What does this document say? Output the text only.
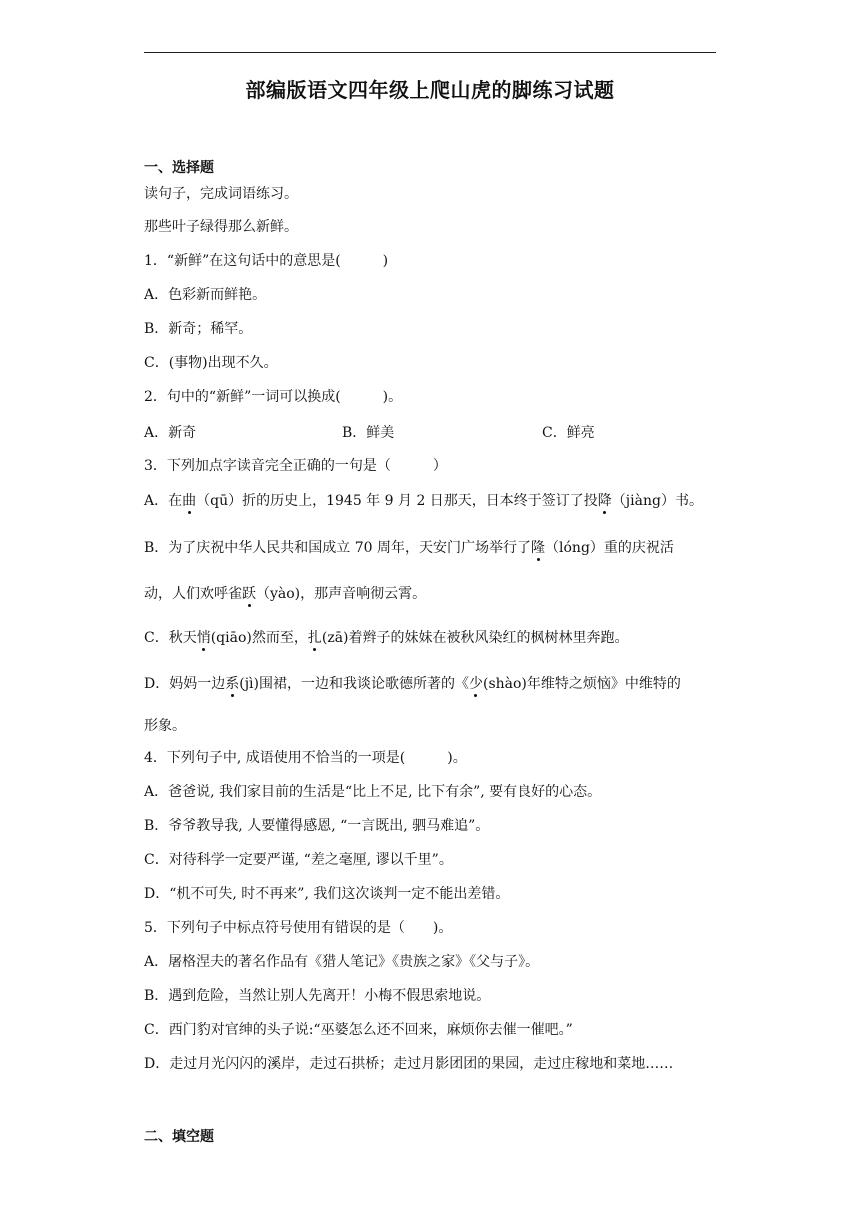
部编版语文四年级上爬山虎的脚练习试题
一、选择题
读句子，完成词语练习。
那些叶子绿得那么新鲜。
1．“新鲜”在这句话中的意思是(　　　)
A．色彩新而鲜艳。
B．新奇；稀罕。
C．(事物)出现不久。
2．句中的“新鲜”一词可以换成(　　　)。
A．新奇	B．鲜美	C．鲜亮
3．下列加点字读音完全正确的一句是（　　　）
A．在曲（qū）折的历史上，1945 年 9 月 2 日那天，日本终于签订了投降（jiàng）书。
B．为了庆祝中华人民共和国成立 70 周年，天安门广场举行了隆（lóng）重的庆祝活
动，人们欢呼雀跃（yào)，那声音响彻云霄。
C．秋天悄(qiāo)然而至，扎(zā)着辫子的妹妹在被秋风染红的枫树林里奔跑。
D．妈妈一边系(jì)围裙，一边和我谈论歌德所著的《少(shào)年维特之烦恼》中维特的
形象。
4．下列句子中, 成语使用不恰当的一项是(　　　)。
A．爸爸说, 我们家目前的生活是“比上不足, 比下有余”, 要有良好的心态。
B．爷爷教导我, 人要懂得感恩, “一言既出, 驷马难追”。
C．对待科学一定要严谨, “差之毫厘, 谬以千里”。
D．“机不可失, 时不再来”, 我们这次谈判一定不能出差错。
5．下列句子中标点符号使用有错误的是（　　)。
A．屠格涅夫的著名作品有《猎人笔记》《贵族之家》《父与子》。
B．遇到危险，当然让别人先离开！小梅不假思索地说。
C．西门豹对官绅的头子说:“巫婆怎么还不回来，麻烦你去催一催吧。”
D．走过月光闪闪的溪岸，走过石拱桥；走过月影团团的果园，走过庄稼地和菜地……
二、填空题
